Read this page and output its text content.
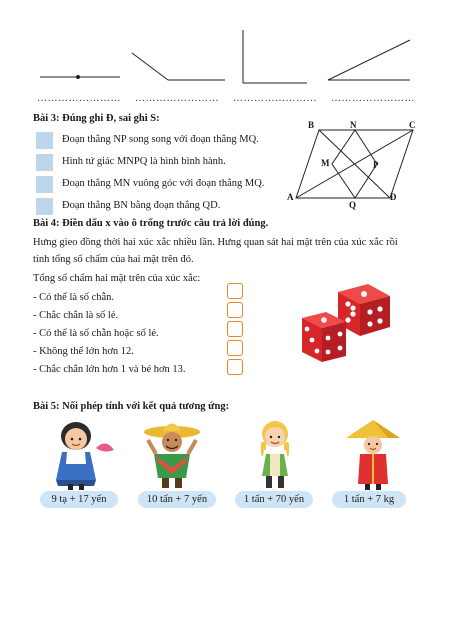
…………………… …………………… …………………… ……………………
Bài 3: Đúng ghi Đ, sai ghi S:
Đoạn thẳng NP song song với đoạn thẳng MQ.
Hình tứ giác MNPQ là hình bình hành.
Đoạn thẳng MN vuông góc với đoạn thẳng MQ.
Đoạn thẳng BN bằng đoạn thẳng QD.
B	N	C
M	P
A
Q
D
Bài 4: Điền dấu x vào ô trống trước câu trả lời đúng.
Hưng gieo đồng thời hai xúc xắc nhiều lần. Hưng quan sát hai mặt trên của xúc xắc rồi
tính tổng số chấm của hai mặt trên đó.
Tổng số chấm hai mặt trên của xúc xắc:
- Có thể là số chẵn.
- Chắc chắn là số lẻ.
- Có thể là số chẵn hoặc số lẻ.
- Không thể lớn hơn 12.
- Chắc chắn lớn hơn 1 và bé hơn 13.
Bài 5: Nối phép tính với kết quả tương ứng:
9 tạ + 17 yến	10 tấn + 7 yến	1 tấn + 70 yến	1 tấn + 7 kg
